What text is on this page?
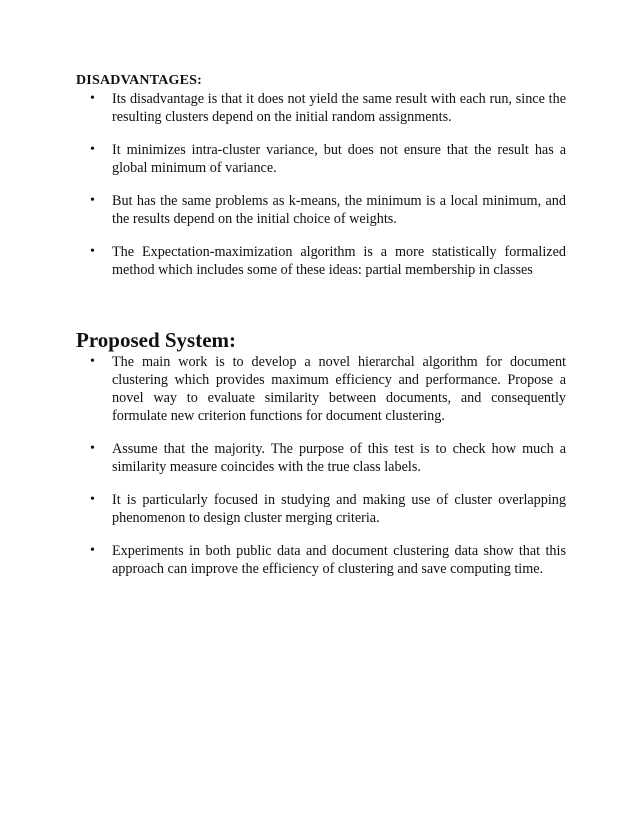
DISADVANTAGES:

• Its disadvantage is that it does not yield the same result with each run, since the resulting clusters depend on the initial random assignments.
• It minimizes intra-cluster variance, but does not ensure that the result has a global minimum of variance.
• But has the same problems as k-means, the minimum is a local minimum, and the results depend on the initial choice of weights.
• The Expectation-maximization algorithm is a more statistically formalized method which includes some of these ideas: partial membership in classes
Proposed System:
• The main work is to develop a novel hierarchal algorithm for document clustering which provides maximum efficiency and performance. Propose a novel way to evaluate similarity between documents, and consequently formulate new criterion functions for document clustering.
• Assume that the majority. The purpose of this test is to check how much a similarity measure coincides with the true class labels.
• It is particularly focused in studying and making use of cluster overlapping phenomenon to design cluster merging criteria.
• Experiments in both public data and document clustering data show that this approach can improve the efficiency of clustering and save computing time.
